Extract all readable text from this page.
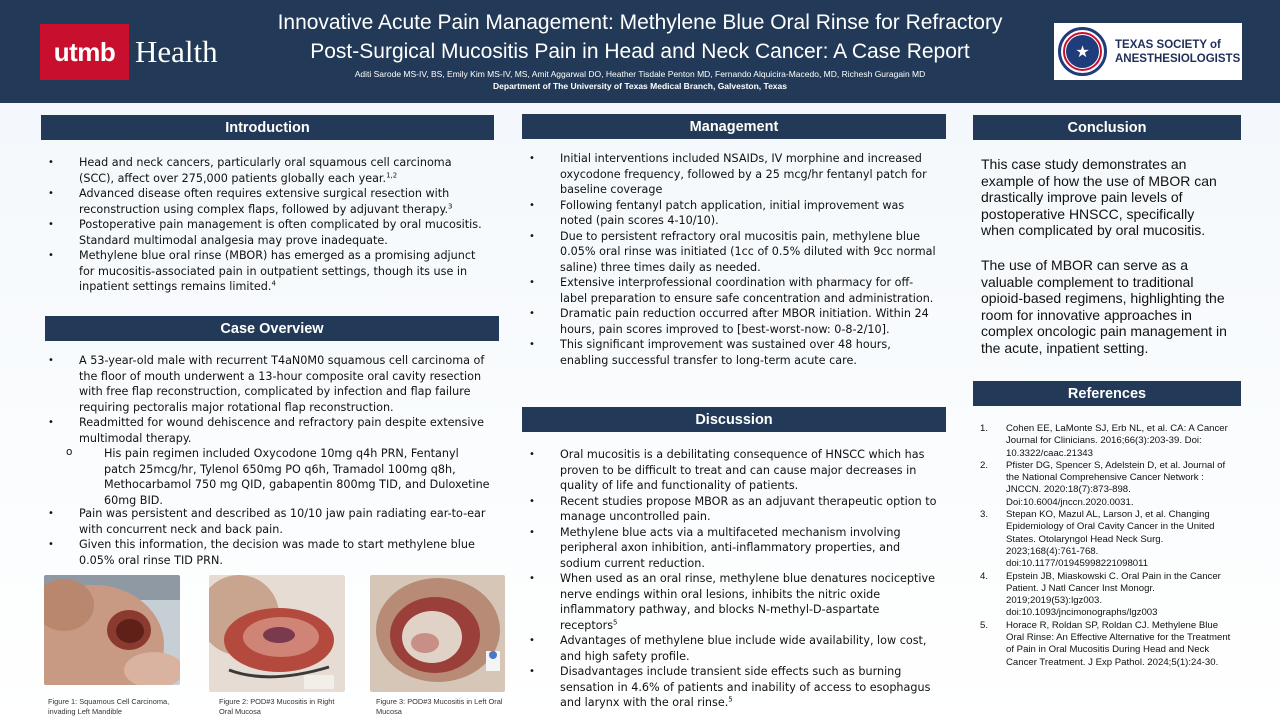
utmb Health
Innovative Acute Pain Management: Methylene Blue Oral Rinse for Refractory
Post-Surgical Mucositis Pain in Head and Neck Cancer: A Case Report
Aditi Sarode MS-IV, BS, Emily Kim MS-IV, MS, Amit Aggarwal DO, Heather Tisdale Penton MD, Fernando Alquicira-Macedo, MD, Richesh Guragain MD
Department of The University of Texas Medical Branch, Galveston, Texas
★	TEXAS SOCIETY of
ANESTHESIOLOGISTS
Introduction
• Head and neck cancers, particularly oral squamous cell carcinoma (SCC), affect over 275,000 patients globally each year.$^{1,2}$
• Advanced disease often requires extensive surgical resection with reconstruction using complex flaps, followed by adjuvant therapy.$^3$
• Postoperative pain management is often complicated by oral mucositis. Standard multimodal analgesia may prove inadequate.
• Methylene blue oral rinse (MBOR) has emerged as a promising adjunct for mucositis-associated pain in outpatient settings, though its use in inpatient settings remains limited.$^4$
Case Overview
• A 53-year-old male with recurrent T4aN0M0 squamous cell carcinoma of the floor of mouth underwent a 13-hour composite oral cavity resection with free flap reconstruction, complicated by infection and flap failure requiring pectoralis major rotational flap reconstruction.
• Readmitted for wound dehiscence and refractory pain despite extensive multimodal therapy.
o His pain regimen included Oxycodone 10mg q4h PRN, Fentanyl patch 25mcg/hr, Tylenol 650mg PO q6h, Tramadol 100mg q8h, Methocarbamol 750 mg QID, gabapentin 800mg TID, and Duloxetine 60mg BID.
• Pain was persistent and described as 10/10 jaw pain radiating ear-to-ear with concurrent neck and back pain.
• Given this information, the decision was made to start methylene blue 0.05% oral rinse TID PRN.
Figure 1: Squamous Cell Carcinoma, invading Left Mandible
Figure 2: POD#3 Mucositis in Right Oral Mucosa
Figure 3: POD#3 Mucositis in Left Oral Mucosa
Management
• Initial interventions included NSAIDs, IV morphine and increased oxycodone frequency, followed by a 25 mcg/hr fentanyl patch for baseline coverage
• Following fentanyl patch application, initial improvement was noted (pain scores 4-10/10).
• Due to persistent refractory oral mucositis pain, methylene blue 0.05% oral rinse was initiated (1cc of 0.5% diluted with 9cc normal saline) three times daily as needed.
• Extensive interprofessional coordination with pharmacy for off-label preparation to ensure safe concentration and administration.
• Dramatic pain reduction occurred after MBOR initiation. Within 24 hours, pain scores improved to [best-worst-now: 0-8-2/10].
• This significant improvement was sustained over 48 hours, enabling successful transfer to long-term acute care.
Discussion
• Oral mucositis is a debilitating consequence of HNSCC which has proven to be difficult to treat and can cause major decreases in quality of life and functionality of patients.
• Recent studies propose MBOR as an adjuvant therapeutic option to manage uncontrolled pain.
• Methylene blue acts via a multifaceted mechanism involving peripheral axon inhibition, anti-inflammatory properties, and sodium current reduction.
• When used as an oral rinse, methylene blue denatures nociceptive nerve endings within oral lesions, inhibits the nitric oxide inflammatory pathway, and blocks N-methyl-D-aspartate receptors$^5$
• Advantages of methylene blue include wide availability, low cost, and high safety profile.
• Disadvantages include transient side effects such as burning sensation in 4.6% of patients and inability of access to esophagus and larynx with the oral rinse.$^5$
Conclusion
This case study demonstrates an example of how the use of MBOR can drastically improve pain levels of postoperative HNSCC, specifically when complicated by oral mucositis.
The use of MBOR can serve as a valuable complement to traditional opioid-based regimens, highlighting the room for innovative approaches in complex oncologic pain management in the acute, inpatient setting.
References
1. Cohen EE, LaMonte SJ, Erb NL, et al. CA: A Cancer Journal for Clinicians. 2016;66(3):203-39. Doi: 10.3322/caac.21343
2. Pfister DG, Spencer S, Adelstein D, et al. Journal of the National Comprehensive Cancer Network : JNCCN. 2020:18(7):873-898. Doi:10.6004/jnccn.2020.0031.
3. Stepan KO, Mazul AL, Larson J, et al. Changing Epidemiology of Oral Cavity Cancer in the United States. Otolaryngol Head Neck Surg. 2023;168(4):761-768. doi:10.1177/01945998221098011
4. Epstein JB, Miaskowski C. Oral Pain in the Cancer Patient. J Natl Cancer Inst Monogr. 2019;2019(53):lgz003. doi:10.1093/jncimonographs/lgz003
5. Horace R, Roldan SP, Roldan CJ. Methylene Blue Oral Rinse: An Effective Alternative for the Treatment of Pain in Oral Mucositis During Head and Neck Cancer Treatment. J Exp Pathol. 2024;5(1):24-30.
